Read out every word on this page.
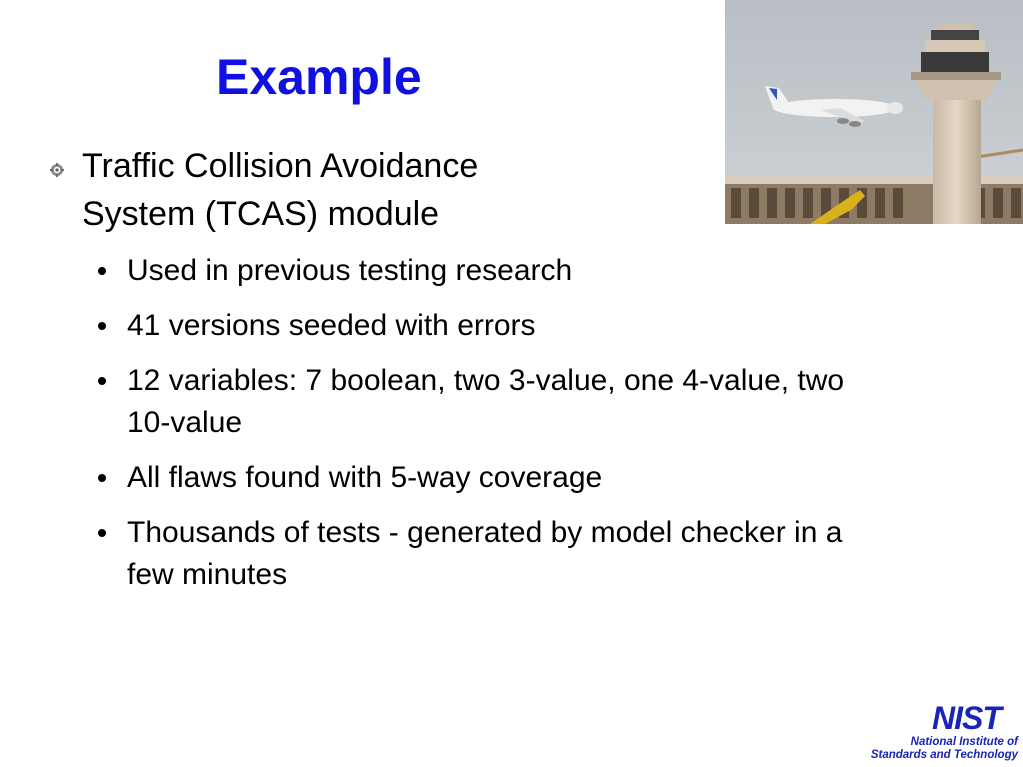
Example
Traffic Collision Avoidance
System (TCAS) module
Used in previous testing research
41 versions seeded with errors
12 variables: 7 boolean, two 3-value, one 4-value, two 10-value
All flaws found with 5-way coverage
Thousands of tests - generated by model checker in a few minutes
NIST
National Institute of
Standards and Technology
